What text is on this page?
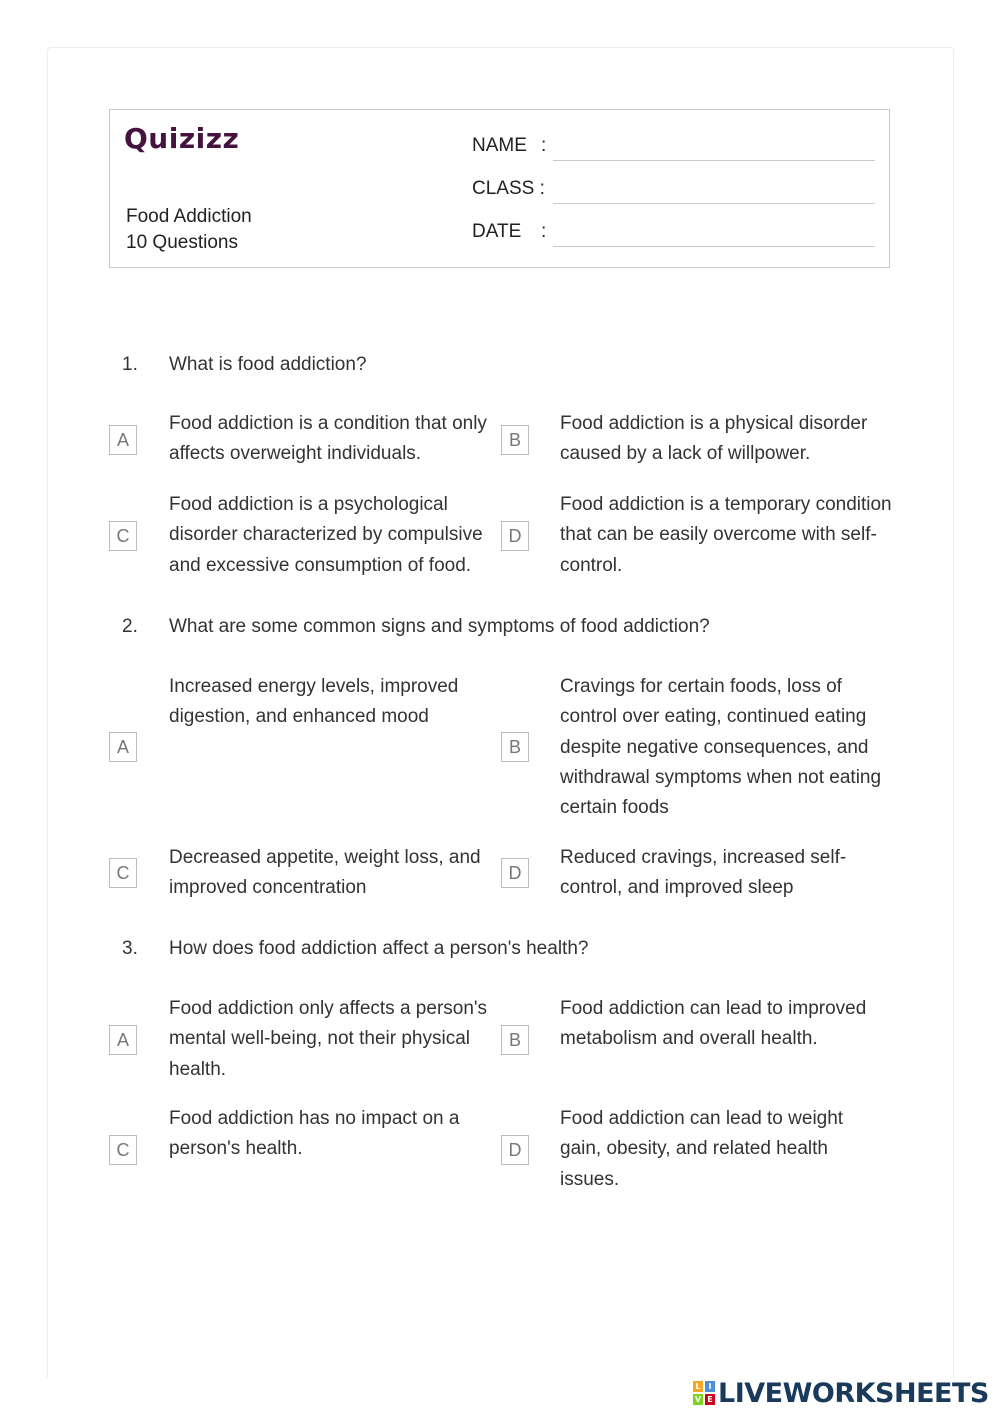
Quizizz
Food Addiction
10 Questions
NAME :
CLASS :
DATE :
1. What is food addiction?
A
Food addiction is a condition that only affects overweight individuals.
B
Food addiction is a physical disorder caused by a lack of willpower.
C
Food addiction is a psychological disorder characterized by compulsive and excessive consumption of food.
D
Food addiction is a temporary condition that can be easily overcome with self-control.
2. What are some common signs and symptoms of food addiction?
A
Increased energy levels, improved digestion, and enhanced mood
B
Cravings for certain foods, loss of control over eating, continued eating despite negative consequences, and withdrawal symptoms when not eating certain foods
C
Decreased appetite, weight loss, and improved concentration
D
Reduced cravings, increased self-control, and improved sleep
3. How does food addiction affect a person's health?
A
Food addiction only affects a person's mental well-being, not their physical health.
B
Food addiction can lead to improved metabolism and overall health.
C
Food addiction has no impact on a person's health.	D
Food addiction can lead to weight gain, obesity, and related health issues.
L I
V E LIVEWORKSHEETS
